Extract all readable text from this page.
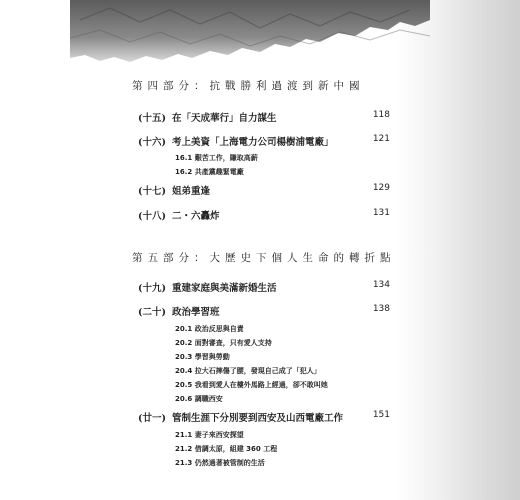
第四部分：抗戰勝利過渡到新中國
(十五) 在「天成華行」自力謀生	118
(十六) 考上美資「上海電力公司楊樹浦電廠」	121
16.1 艱苦工作，賺取高薪
16.2 共產黨趣緊電廠
(十七) 姐弟重逢	129
(十八) 二・六轟炸	131
第五部分：大歷史下個人生命的轉折點
(十九) 重建家庭與美滿新婚生活	134
(二十) 政治學習班	138
20.1 政治反思與自責
20.2 面對審查，只有愛人支持
20.3 學習與勞動
20.4 拉大石摔傷了腰，發現自己成了「犯人」
20.5 我看到愛人在樓外馬路上經過，卻不敢叫她
20.6 調職西安
(廿一) 管制生涯下分別要到西安及山西電廠工作	151
21.1 妻子來西安探望
21.2 借調太原，組建 360 工程
21.3 仍然過著被管制的生活
